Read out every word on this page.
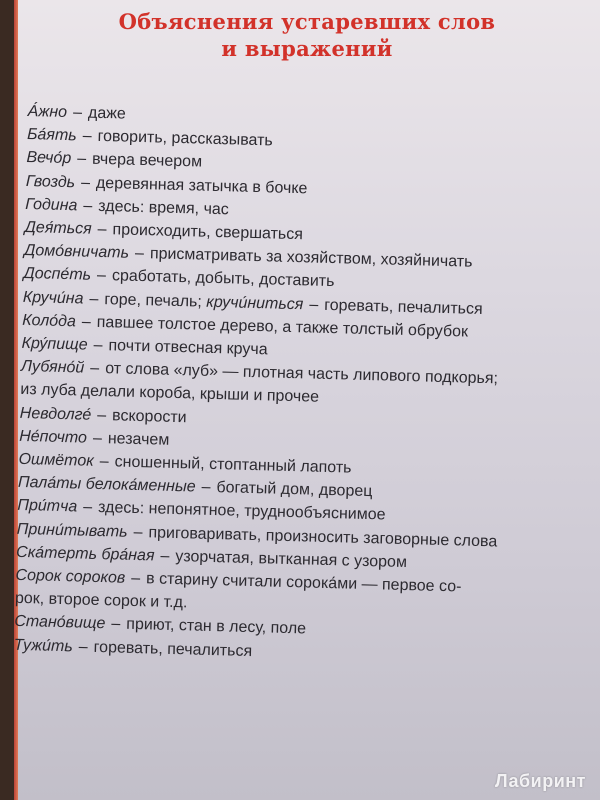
Объяснения устаревших слов
и выражений
А́жно – даже
Ба́ять – говорить, рассказывать
Вечо́р – вчера вечером
Гвоздь – деревянная затычка в бочке
Година – здесь: время, час
Дея́ться – происходить, свершаться
Домо́вничать – присматривать за хозяйством, хозяйничать
Доспе́ть – сработать, добыть, доставить
Кручи́на – горе, печаль; кручи́ниться – горевать, печалиться
Коло́да – павшее толстое дерево, а также толстый обрубок
Кру́пище – почти отвесная круча
Лубяно́й – от слова «луб» — плотная часть липового подкорья;
из луба делали короба, крыши и прочее
Невдолге́ – вскорости
Не́почто – незачем
Ошмёток – сношенный, стоптанный лапоть
Пала́ты белока́менные – богатый дом, дворец
При́тча – здесь: непонятное, труднообъяснимое
Прини́тывать – приговаривать, произносить заговорные слова
Ска́терть бра́ная – узорчатая, вытканная с узором
Сорок сороков – в старину считали сорока́ми — первое со-
рок, второе сорок и т.д.
Стано́вище – приют, стан в лесу, поле
Тужи́ть – горевать, печалиться
Лабиринт
